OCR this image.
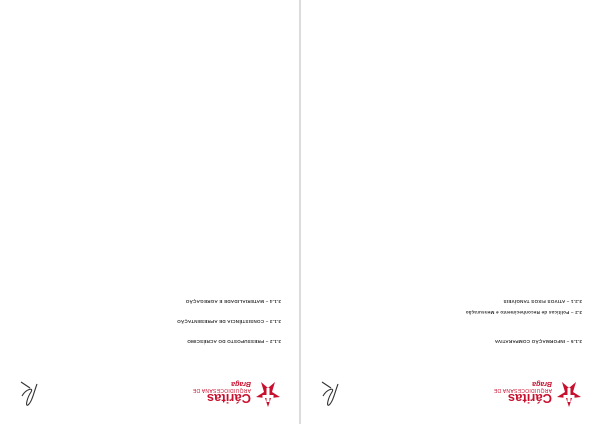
Cáritas
ARQUIDIOCESANA DE
Braga
3.1.2 – PRESSUPOSTO DO ACRÉSCIMO

3.1.3 – CONSISTÊNCIA DE APRESENTAÇÃO

3.1.4 – MATERIALIDADE E AGREGAÇÃO

Cáritas
ARQUIDIOCESANA DE
Braga
3.1.5 – INFORMAÇÃO COMPARATIVA

3.2 – Políticas de Reconhecimento e Mensuração
3.2.1 – ATIVOS FIXOS TANGÍVEIS
